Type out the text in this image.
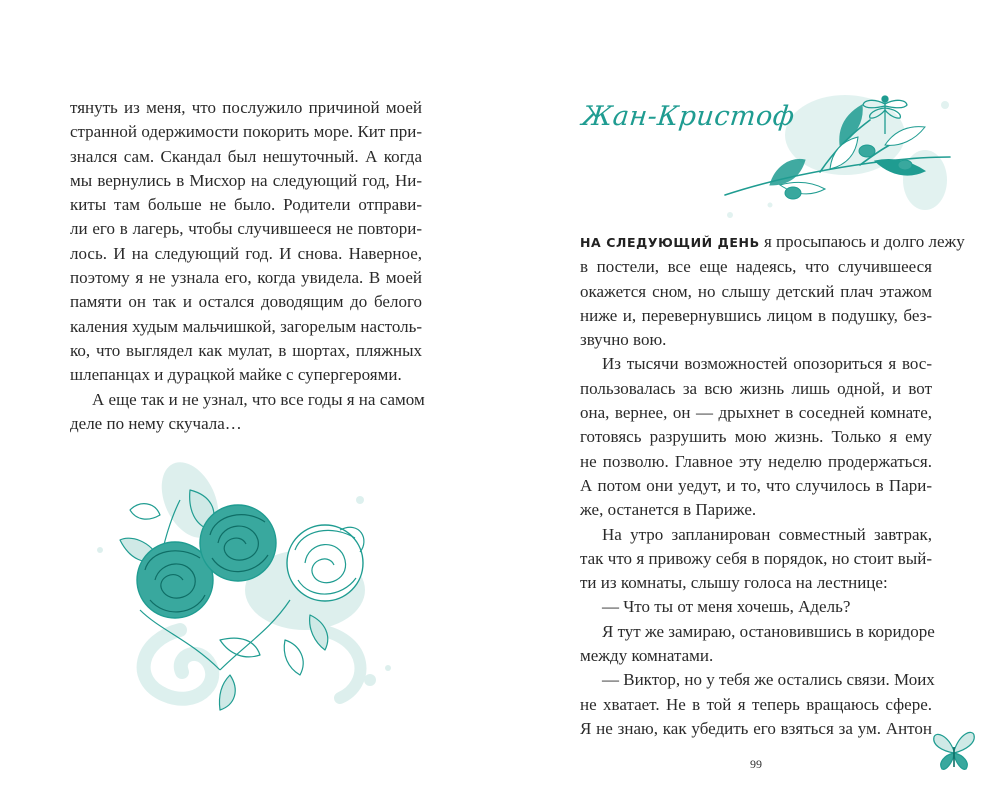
тянуть из меня, что послужило причиной моей
странной одержимости покорить море. Кит при-
знался сам. Скандал был нешуточный. А когда
мы вернулись в Мисхор на следующий год, Ни-
киты там больше не было. Родители отправи-
ли его в лагерь, чтобы случившееся не повтори-
лось. И на следующий год. И снова. Наверное,
поэтому я не узнала его, когда увидела. В моей
памяти он так и остался доводящим до белого
каления худым мальчишкой, загорелым настоль-
ко, что выглядел как мулат, в шортах, пляжных
шлепанцах и дурацкой майке с супергероями.
А еще так и не узнал, что все годы я на самом
деле по нему скучала…
Жан-Кристоф
НА СЛЕДУЮЩИЙ ДЕНЬ я просыпаюсь и долго лежу
в постели, все еще надеясь, что случившееся
окажется сном, но слышу детский плач этажом
ниже и, перевернувшись лицом в подушку, без-
звучно вою.
Из тысячи возможностей опозориться я вос-
пользовалась за всю жизнь лишь одной, и вот
она, вернее, он — дрыхнет в соседней комнате,
готовясь разрушить мою жизнь. Только я ему
не позволю. Главное эту неделю продержаться.
А потом они уедут, и то, что случилось в Пари-
же, останется в Париже.
На утро запланирован совместный завтрак,
так что я привожу себя в порядок, но стоит вый-
ти из комнаты, слышу голоса на лестнице:
— Что ты от меня хочешь, Адель?
Я тут же замираю, остановившись в коридоре
между комнатами.
— Виктор, но у тебя же остались связи. Моих
не хватает. Не в той я теперь вращаюсь сфере.
Я не знаю, как убедить его взяться за ум. Антон
99
